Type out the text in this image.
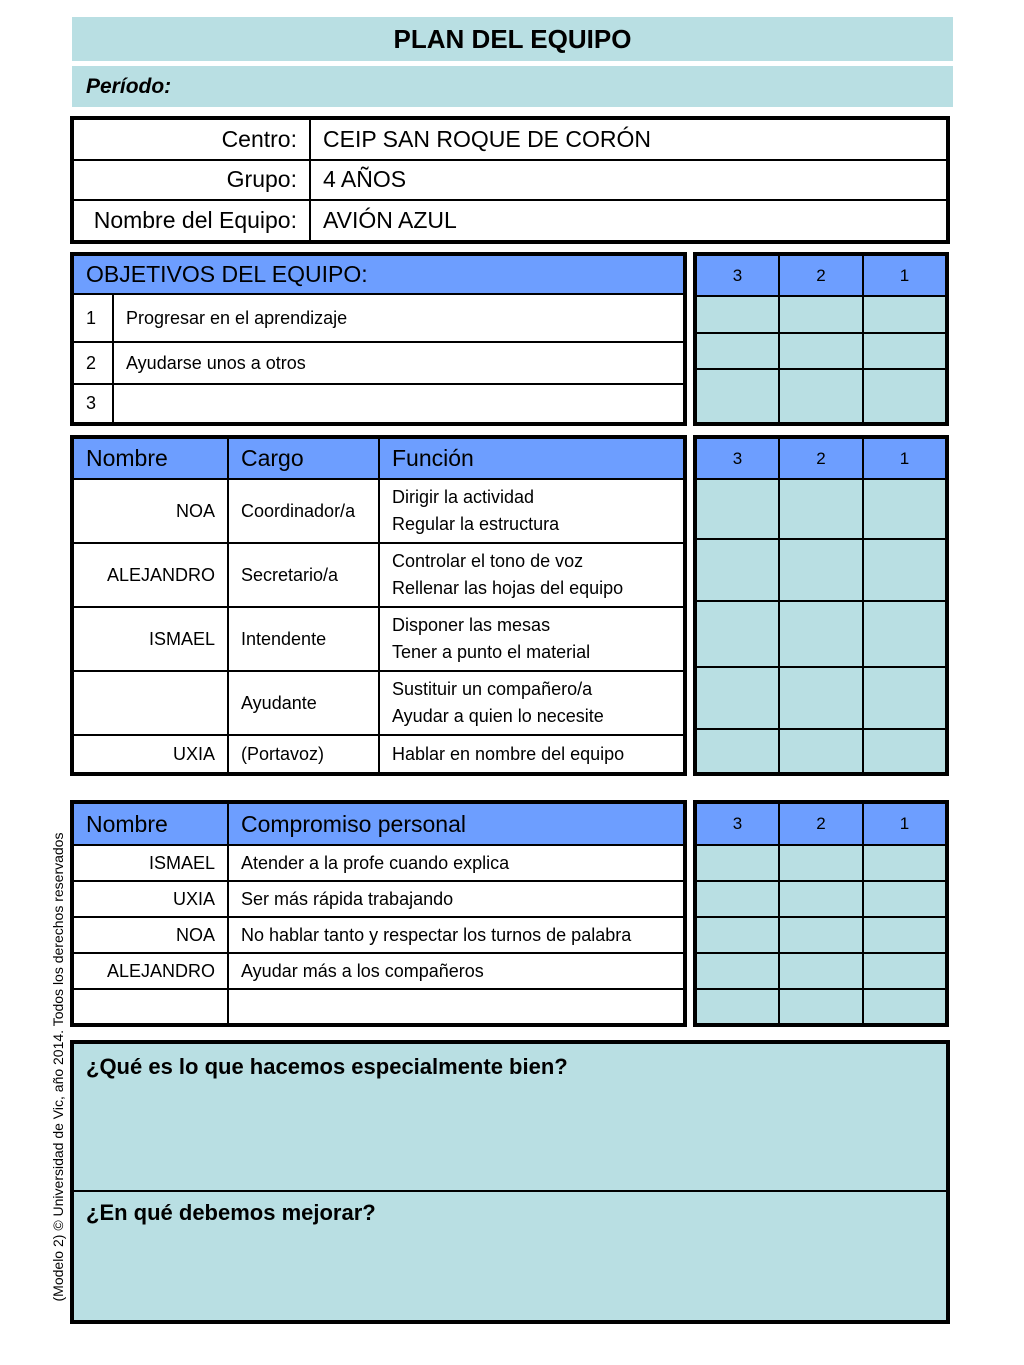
PLAN DEL EQUIPO
Período:
Centro:	CEIP SAN ROQUE DE CORÓN
Grupo:	4 AÑOS
Nombre del Equipo:	AVIÓN AZUL
OBJETIVOS DEL EQUIPO:	
1	Progresar en el aprendizaje
2	Ayudarse unos a otros
3	
3	2	1

Nombre	Cargo	Función
NOA	Coordinador/a	Dirigir la actividad
Regular la estructura

ALEJANDRO	Secretario/a	Controlar el tono de voz
Rellenar las hojas del equipo

ISMAEL	Intendente	Disponer las mesas
Tener a punto el material

	Ayudante	Sustituir un compañero/a
Ayudar a quien lo necesite

UXIA	(Portavoz)	Hablar en nombre del equipo
3	2	1

Nombre	Compromiso personal
ISMAEL	Atender a la profe cuando explica
UXIA	Ser más rápida trabajando
NOA	No hablar tanto y respectar los turnos de palabra
ALEJANDRO	Ayudar más a los compañeros

3	2	1

¿Qué es lo que hacemos especialmente bien?
¿En qué debemos mejorar?
(Modelo 2) © Universidad de Vic, año 2014. Todos los derechos reservados
